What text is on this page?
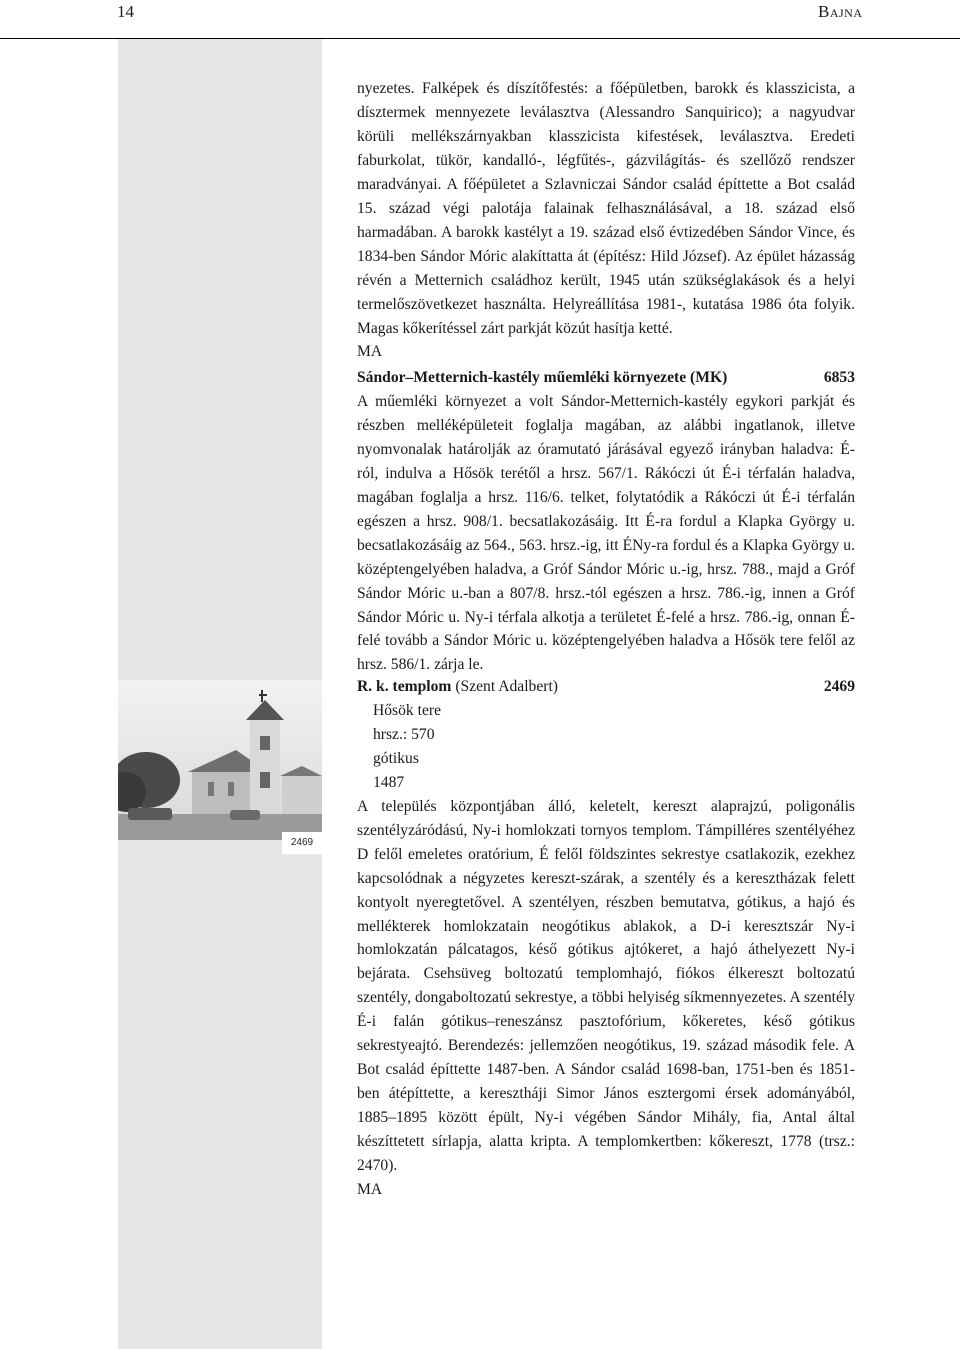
14	Bajna
2469

nyezetes. Falképek és díszítőfestés: a főépületben, barokk és klasszicista, a dísztermek mennyezete leválasztva (Alessandro Sanquirico); a nagyudvar körüli mellékszárnyakban klasszicista kifestések, leválasztva. Eredeti faburkolat, tükör, kandalló-, légfűtés-, gázvilágítás- és szellőző rendszer maradványai. A főépületet a Szlavniczai Sándor család építtette a Bot család 15. század végi palotája falainak felhasználásával, a 18. század első harmadában. A barokk kastélyt a 19. század első évtizedében Sándor Vince, és 1834-ben Sándor Móric alakíttatta át (építész: Hild József). Az épület házasság révén a Metternich családhoz került, 1945 után szükséglakások és a helyi termelőszövetkezet használta. Helyreállítása 1981-, kutatása 1986 óta folyik. Magas kőkerítéssel zárt parkját közút hasítja ketté.

MA

Sándor–Metternich-kastély műemléki környezete (MK)	6853

A műemléki környezet a volt Sándor-Metternich-kastély egykori parkját és részben melléképületeit foglalja magában, az alábbi ingatlanok, illetve nyomvonalak határolják az óramutató járásával egyező irányban haladva: É-ról, indulva a Hősök terétől a hrsz. 567/1. Rákóczi út É-i térfalán haladva, magában foglalja a hrsz. 116/6. telket, folytatódik a Rákóczi út É-i térfalán egészen a hrsz. 908/1. becsatlakozásáig. Itt É-ra fordul a Klapka György u. becsatlakozásáig az 564., 563. hrsz.-ig, itt ÉNy-ra fordul és a Klapka György u. középtengelyében haladva, a Gróf Sándor Móric u.-ig, hrsz. 788., majd a Gróf Sándor Móric u.-ban a 807/8. hrsz.-tól egészen a hrsz. 786.-ig, innen a Gróf Sándor Móric u. Ny-i térfala alkotja a területet É-felé a hrsz. 786.-ig, onnan É-felé tovább a Sándor Móric u. középtengelyében haladva a Hősök tere felől az hrsz. 586/1. zárja le.

R. k. templom (Szent Adalbert)	2469
Hősök tere
hrsz.: 570
gótikus
1487

A település központjában álló, keletelt, kereszt alaprajzú, poligonális szentélyzáródású, Ny-i homlokzati tornyos templom. Támpilléres szentélyéhez D felől emeletes oratórium, É felől földszintes sekrestye csatlakozik, ezekhez kapcsolódnak a négyzetes kereszt-szárak, a szentély és a keresztházak felett kontyolt nyeregtetővel. A szentélyen, részben bemutatva, gótikus, a hajó és mellékterek homlokzatain neogótikus ablakok, a D-i keresztszár Ny-i homlokzatán pálcatagos, késő gótikus ajtókeret, a hajó áthelyezett Ny-i bejárata. Csehsüveg boltozatú templomhajó, fiókos élkereszt boltozatú szentély, dongaboltozatú sekrestye, a többi helyiség síkmennyezetes. A szentély É-i falán gótikus–reneszánsz pasztofórium, kőkeretes, késő gótikus sekrestyeajtó. Berendezés: jellemzően neogótikus, 19. század második fele. A Bot család építtette 1487-ben. A Sándor család 1698-ban, 1751-ben és 1851-ben átépíttette, a keresztháji Simor János esztergomi érsek adományából, 1885–1895 között épült, Ny-i végében Sándor Mihály, fia, Antal által készíttetett sírlapja, alatta kripta. A templomkertben: kőkereszt, 1778 (trsz.: 2470).

MA
